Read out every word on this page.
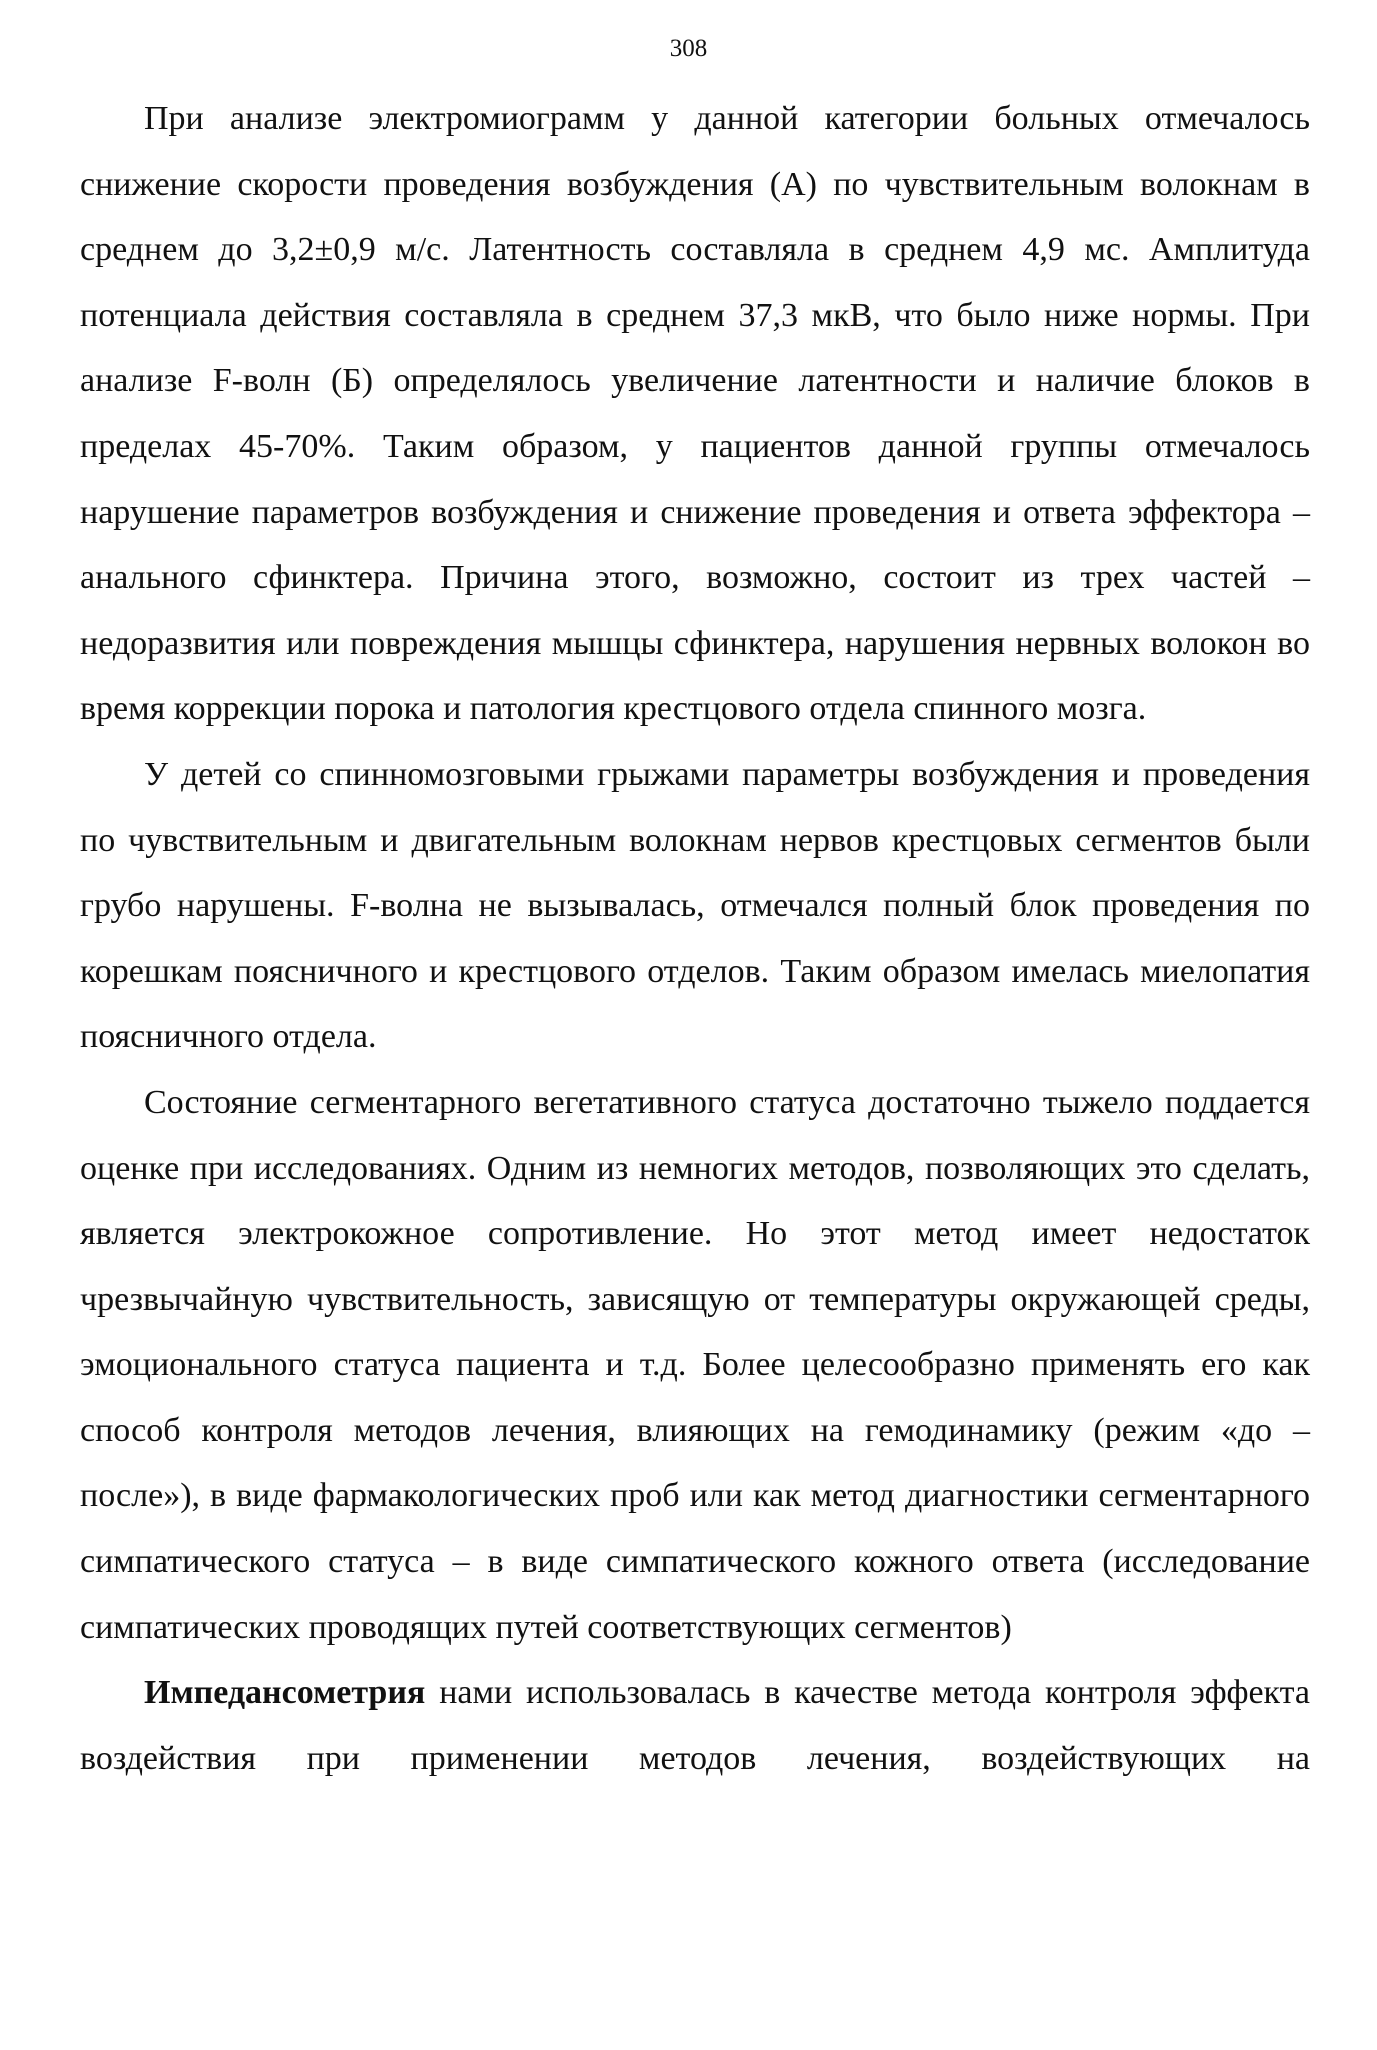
308

При анализе электромиограмм у данной категории больных отмечалось снижение скорости проведения возбуждения (А) по чувствительным волокнам в среднем до 3,2±0,9 м/с. Латентность составляла в среднем 4,9 мс. Амплитуда потенциала действия составляла в среднем 37,3 мкВ, что было ниже нормы. При анализе F-волн (Б) определялось увеличение латентности и наличие блоков в пределах 45-70%. Таким образом, у пациентов данной группы отмечалось нарушение параметров возбуждения и снижение проведения и ответа эффектора – анального сфинктера. Причина этого, возможно, состоит из трех частей – недоразвития или повреждения мышцы сфинктера, нарушения нервных волокон во время коррекции порока и патология крестцового отдела спинного мозга.

У детей со спинномозговыми грыжами параметры возбуждения и проведения по чувствительным и двигательным волокнам нервов крестцовых сегментов были грубо нарушены. F-волна не вызывалась, отмечался полный блок проведения по корешкам поясничного и крестцового отделов. Таким образом имелась миелопатия поясничного отдела.

Состояние сегментарного вегетативного статуса достаточно тыжело поддается оценке при исследованиях. Одним из немногих методов, позволяющих это сделать, является электрокожное сопротивление. Но этот метод имеет недостаток чрезвычайную чувствительность, зависящую от температуры окружающей среды, эмоционального статуса пациента и т.д. Более целесообразно применять его как способ контроля методов лечения, влияющих на гемодинамику (режим «до – после»), в виде фармакологических проб или как метод диагностики сегментарного симпатического статуса – в виде симпатического кожного ответа (исследование симпатических проводящих путей соответствующих сегментов)

Импедансометрия нами использовалась в качестве метода контроля эффекта воздействия при применении методов лечения, воздействующих на
